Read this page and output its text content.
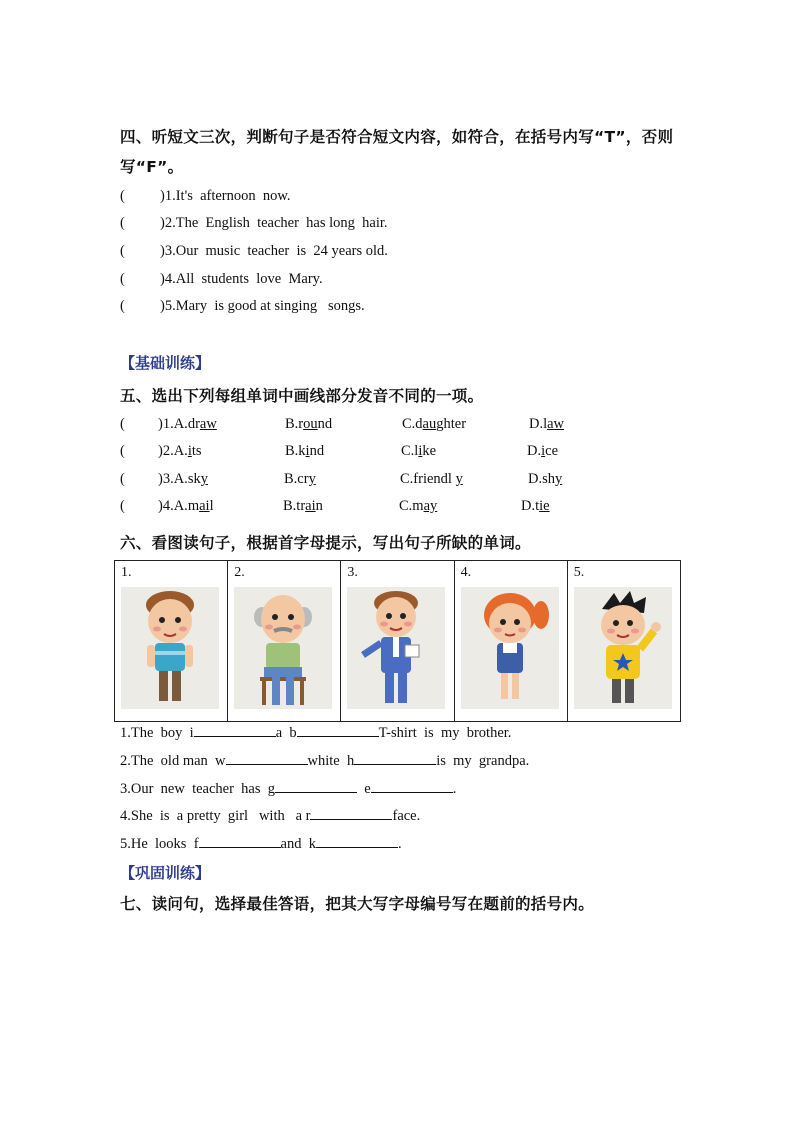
四、听短文三次，判断句子是否符合短文内容，如符合，在括号内写“T”，否则
写“F”。
( )1.It's  afternoon  now.
( )2.The  English  teacher  has long  hair.
( )3.Our  music  teacher  is  24 years old.
( )4.All  students  love  Mary.
( )5.Mary  is good at singing   songs.
【基础训练】
五、选出下列每组单词中画线部分发音不同的一项。
( )1.A.draw	B.round	C.daughter	D.law
( )2.A.its	B.kind	C.like	D.ice
( )3.A.sky	B.cry	C.friendl y	D.shy
( )4.A.mail	B.train	C.may	D.tie
六、看图读句子，根据首字母提示，写出句子所缺的单词。
1.	2.	3.	4.	5.
1.The  boy  i	a  b	T-shirt  is  my  brother.
2.The  old man  w	white  h	is  my  grandpa.
3.Our  new  teacher  has  g	e	.
4.She  is  a pretty  girl   with   a r	face.
5.He  looks  f	and  k	.
【巩固训练】
七、读问句，选择最佳答语，把其大写字母编号写在题前的括号内。
